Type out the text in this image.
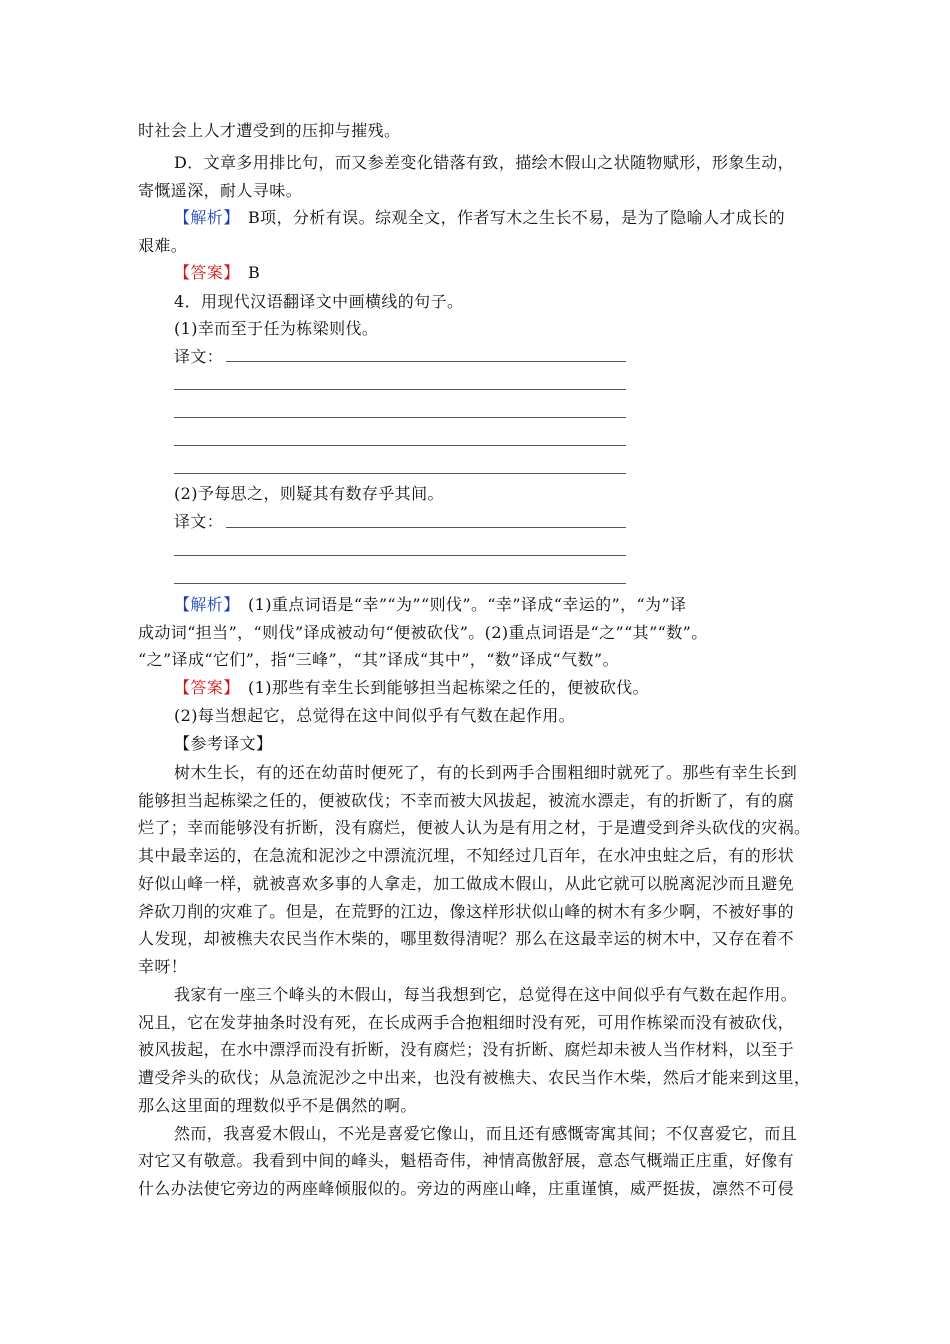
时社会上人才遭受到的压抑与摧残。
D．文章多用排比句，而又参差变化错落有致，描绘木假山之状随物赋形，形象生动，
寄慨遥深，耐人寻味。
【解析】　B项，分析有误。综观全文，作者写木之生长不易，是为了隐喻人才成长的
艰难。
【答案】　B
4．用现代汉语翻译文中画横线的句子。
(1)幸而至于任为栋梁则伐。
译文：
(2)予每思之，则疑其有数存乎其间。
译文：
【解析】　(1)重点词语是“幸”“为”“则伐”。“幸”译成“幸运的”，“为”译
成动词“担当”，“则伐”译成被动句“便被砍伐”。(2)重点词语是“之”“其”“数”。
“之”译成“它们”，指“三峰”，“其”译成“其中”，“数”译成“气数”。
【答案】　(1)那些有幸生长到能够担当起栋梁之任的，便被砍伐。
(2)每当想起它，总觉得在这中间似乎有气数在起作用。
【参考译文】
树木生长，有的还在幼苗时便死了，有的长到两手合围粗细时就死了。那些有幸生长到
能够担当起栋梁之任的，便被砍伐；不幸而被大风拔起，被流水漂走，有的折断了，有的腐
烂了；幸而能够没有折断，没有腐烂，便被人认为是有用之材，于是遭受到斧头砍伐的灾祸。
其中最幸运的，在急流和泥沙之中漂流沉埋，不知经过几百年，在水冲虫蛀之后，有的形状
好似山峰一样，就被喜欢多事的人拿走，加工做成木假山，从此它就可以脱离泥沙而且避免
斧砍刀削的灾难了。但是，在荒野的江边，像这样形状似山峰的树木有多少啊，不被好事的
人发现，却被樵夫农民当作木柴的，哪里数得清呢？那么在这最幸运的树木中，又存在着不
幸呀！
我家有一座三个峰头的木假山，每当我想到它，总觉得在这中间似乎有气数在起作用。
况且，它在发芽抽条时没有死，在长成两手合抱粗细时没有死，可用作栋梁而没有被砍伐，
被风拔起，在水中漂浮而没有折断，没有腐烂；没有折断、腐烂却未被人当作材料，以至于
遭受斧头的砍伐；从急流泥沙之中出来，也没有被樵夫、农民当作木柴，然后才能来到这里，
那么这里面的理数似乎不是偶然的啊。
然而，我喜爱木假山，不光是喜爱它像山，而且还有感慨寄寓其间；不仅喜爱它，而且
对它又有敬意。我看到中间的峰头，魁梧奇伟，神情高傲舒展，意态气概端正庄重，好像有
什么办法使它旁边的两座峰倾服似的。旁边的两座山峰，庄重谨慎，威严挺拔，凛然不可侵
